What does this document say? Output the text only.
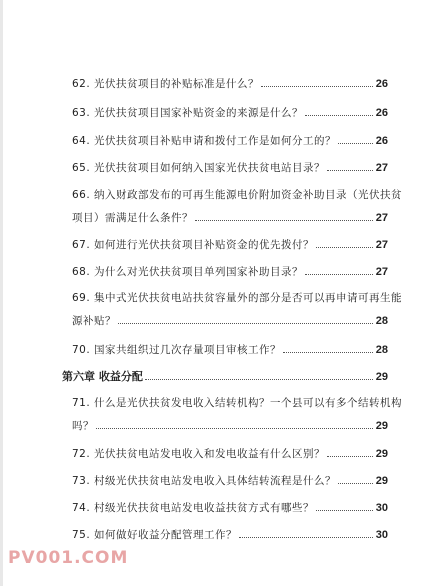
62. 光伏扶贫项目的补贴标准是什么？	26
63. 光伏扶贫项目国家补贴资金的来源是什么？	26
64. 光伏扶贫项目补贴申请和拨付工作是如何分工的？	26
65. 光伏扶贫项目如何纳入国家光伏扶贫电站目录？	27
66. 纳入财政部发布的可再生能源电价附加资金补助目录（光伏扶贫
项目）需满足什么条件？	27
67. 如何进行光伏扶贫项目补贴资金的优先拨付？	27
68. 为什么对光伏扶贫项目单列国家补助目录？	27
69. 集中式光伏扶贫电站扶贫容量外的部分是否可以再申请可再生能
源补贴？	28
70. 国家共组织过几次存量项目审核工作？	28
第六章 收益分配	29
71. 什么是光伏扶贫发电收入结转机构？一个县可以有多个结转机构
吗？	29
72. 光伏扶贫电站发电收入和发电收益有什么区别？	29
73. 村级光伏扶贫电站发电收入具体结转流程是什么？	29
74. 村级光伏扶贫电站发电收益扶贫方式有哪些？	30
75. 如何做好收益分配管理工作？	30
PV001.COM
